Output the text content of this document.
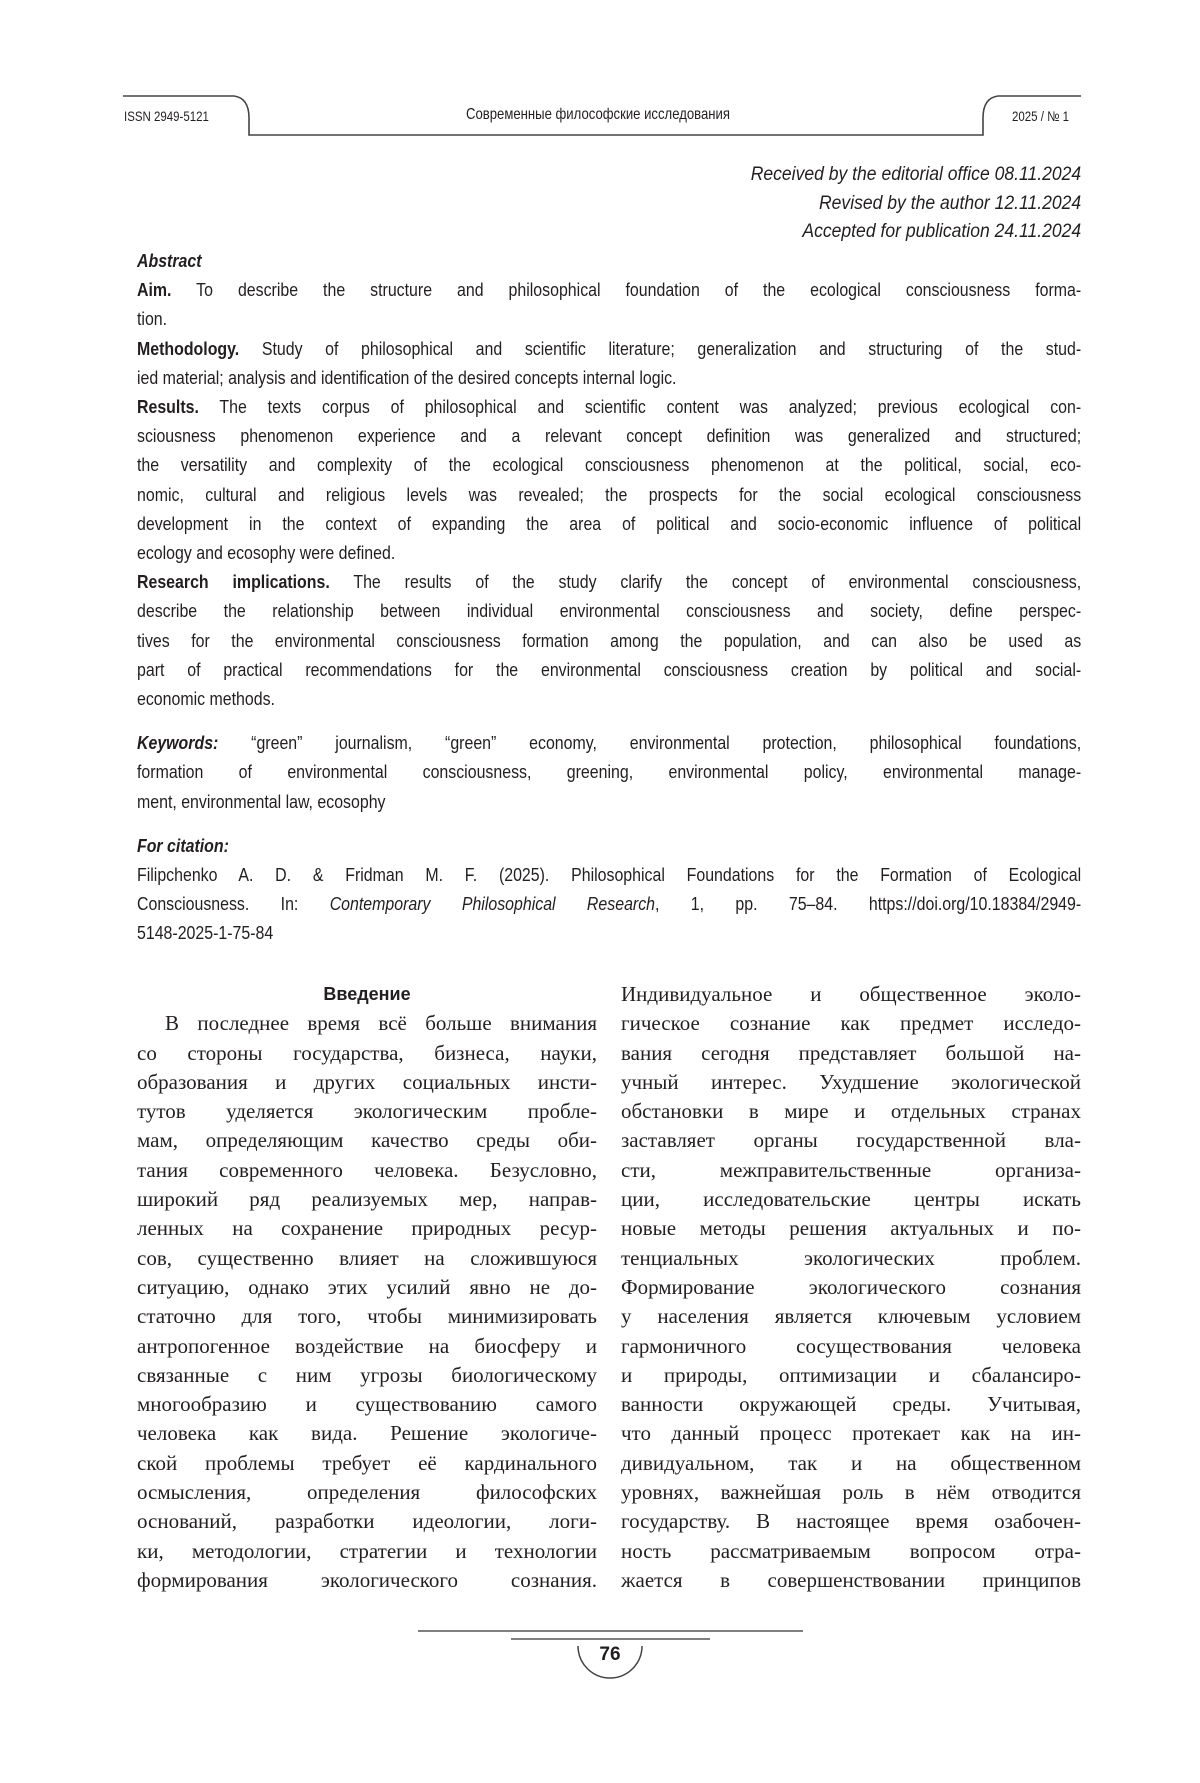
ISSN 2949-5121	Современные философские исследования	2025 / № 1
Received by the editorial office 08.11.2024
Revised by the author 12.11.2024
Accepted for publication 24.11.2024
Abstract
Aim. To describe the structure and philosophical foundation of the ecological consciousness forma-
tion.
Methodology. Study of philosophical and scientific literature; generalization and structuring of the stud-
ied material; analysis and identification of the desired concepts internal logic.
Results. The texts corpus of philosophical and scientific content was analyzed; previous ecological con-
sciousness phenomenon experience and a relevant concept definition was generalized and structured;
the versatility and complexity of the ecological consciousness phenomenon at the political, social, eco-
nomic, cultural and religious levels was revealed; the prospects for the social ecological consciousness
development in the context of expanding the area of political and socio-economic influence of political
ecology and ecosophy were defined.
Research implications. The results of the study clarify the concept of environmental consciousness,
describe the relationship between individual environmental consciousness and society, define perspec-
tives for the environmental consciousness formation among the population, and can also be used as
part of practical recommendations for the environmental consciousness creation by political and social-
economic methods.
Keywords: “green” journalism, “green” economy, environmental protection, philosophical foundations,
formation of environmental consciousness, greening, environmental policy, environmental manage-
ment, environmental law, ecosophy
For citation:
Filipchenko A. D. & Fridman M. F. (2025). Philosophical Foundations for the Formation of Ecological
Consciousness. In: Contemporary Philosophical Research, 1, pp. 75–84. https://doi.org/10.18384/2949-
5148-2025-1-75-84
Введение
В последнее время всё больше внимания
со стороны государства, бизнеса, науки,
образования и других социальных инсти-
тутов уделяется экологическим пробле-
мам, определяющим качество среды оби-
тания современного человека. Безусловно,
широкий ряд реализуемых мер, направ-
ленных на сохранение природных ресур-
сов, существенно влияет на сложившуюся
ситуацию, однако этих усилий явно не до-
статочно для того, чтобы минимизировать
антропогенное воздействие на биосферу и
связанные с ним угрозы биологическому
многообразию и существованию самого
человека как вида. Решение экологиче-
ской проблемы требует её кардинального
осмысления, определения философских
оснований, разработки идеологии, логи-
ки, методологии, стратегии и технологии
формирования экологического сознания.
Индивидуальное и общественное эколо-
гическое сознание как предмет исследо-
вания сегодня представляет большой на-
учный интерес. Ухудшение экологической
обстановки в мире и отдельных странах
заставляет органы государственной вла-
сти, межправительственные организа-
ции, исследовательские центры искать
новые методы решения актуальных и по-
тенциальных экологических проблем.
Формирование экологического сознания
у населения является ключевым условием
гармоничного сосуществования человека
и природы, оптимизации и сбалансиро-
ванности окружающей среды. Учитывая,
что данный процесс протекает как на ин-
дивидуальном, так и на общественном
уровнях, важнейшая роль в нём отводится
государству. В настоящее время озабочен-
ность рассматриваемым вопросом отра-
жается в совершенствовании принципов
76
